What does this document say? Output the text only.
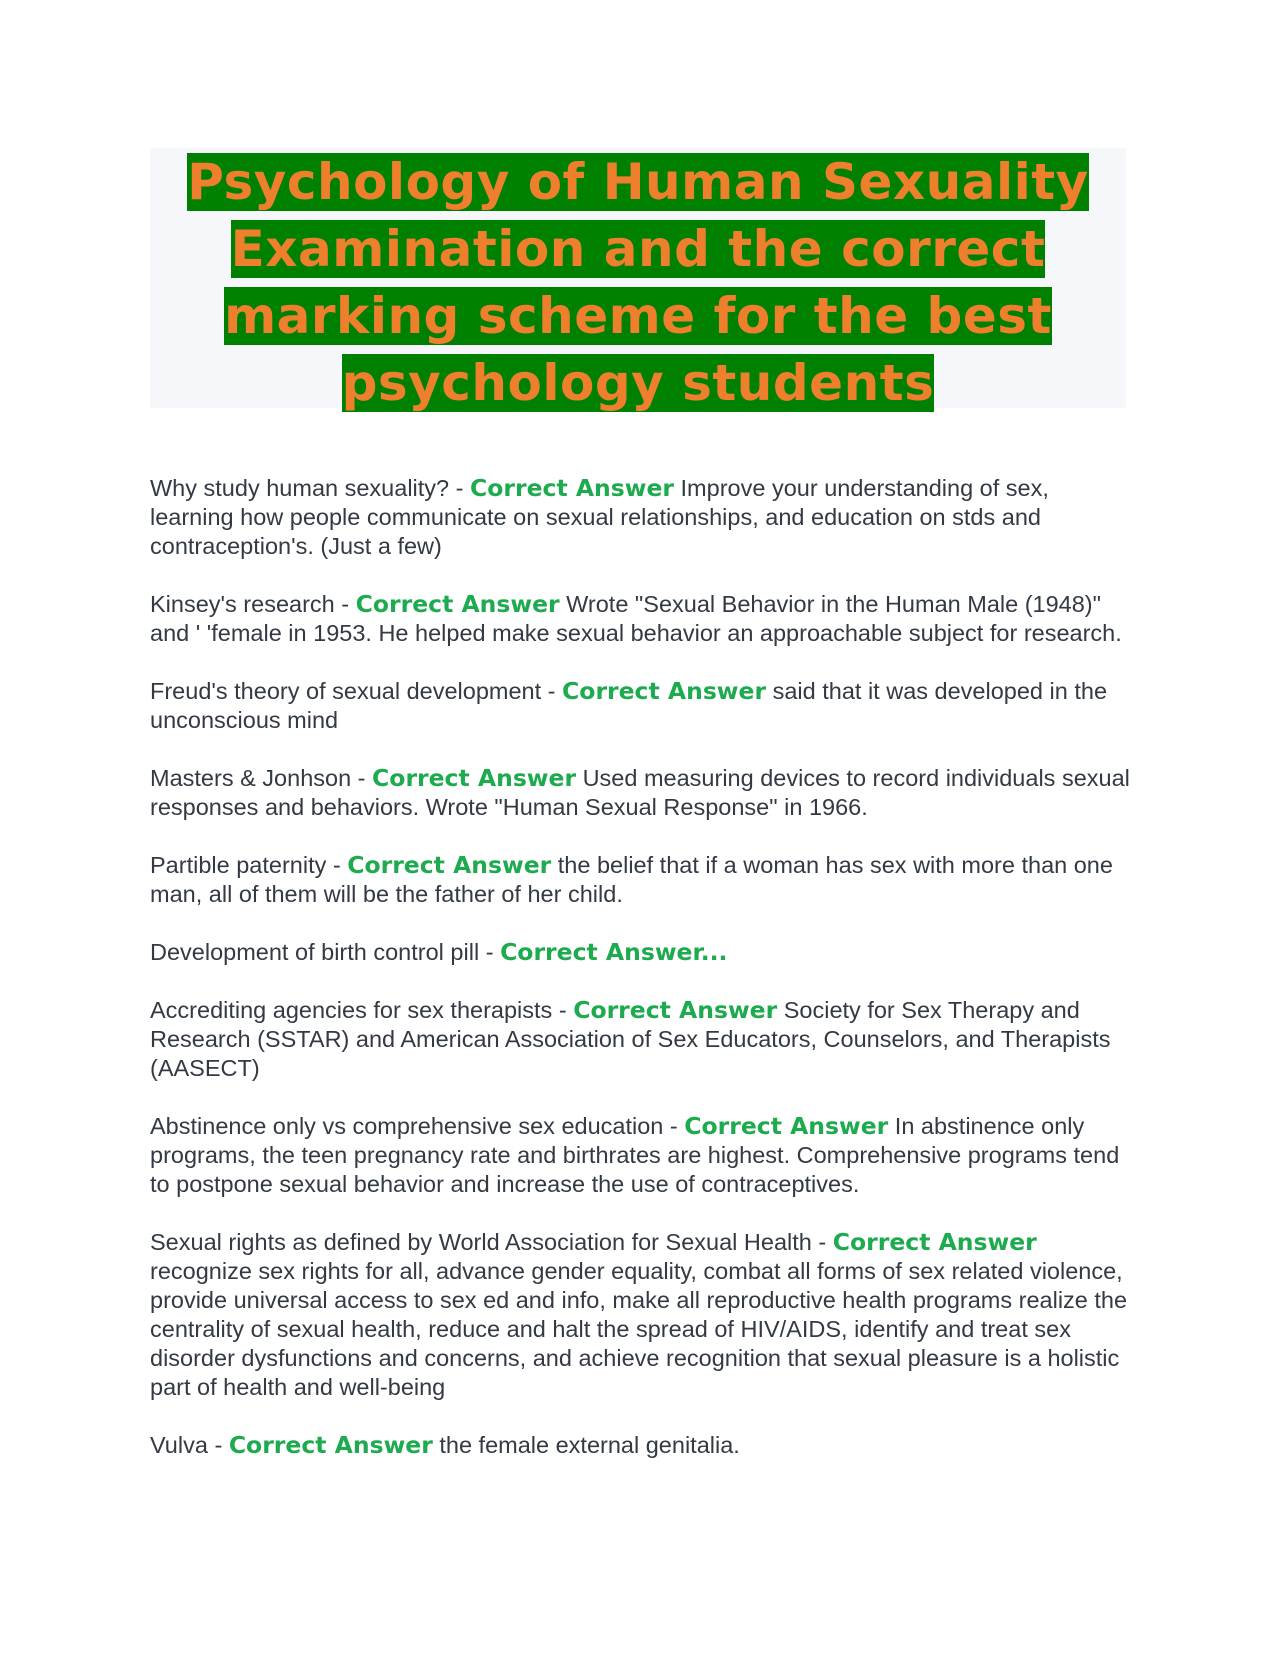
Psychology of Human Sexuality Examination and the correct marking scheme for the best psychology students

Why study human sexuality? - Correct Answer Improve your understanding of sex, learning how people communicate on sexual relationships, and education on stds and contraception's. (Just a few)

Kinsey's research - Correct Answer Wrote "Sexual Behavior in the Human Male (1948)" and ' 'female in 1953. He helped make sexual behavior an approachable subject for research.

Freud's theory of sexual development - Correct Answer said that it was developed in the unconscious mind

Masters & Jonhson - Correct Answer Used measuring devices to record individuals sexual responses and behaviors. Wrote "Human Sexual Response" in 1966.

Partible paternity - Correct Answer the belief that if a woman has sex with more than one man, all of them will be the father of her child.

Development of birth control pill - Correct Answer...

Accrediting agencies for sex therapists - Correct Answer Society for Sex Therapy and Research (SSTAR) and American Association of Sex Educators, Counselors, and Therapists (AASECT)

Abstinence only vs comprehensive sex education - Correct Answer In abstinence only programs, the teen pregnancy rate and birthrates are highest. Comprehensive programs tend to postpone sexual behavior and increase the use of contraceptives.

Sexual rights as defined by World Association for Sexual Health - Correct Answer recognize sex rights for all, advance gender equality, combat all forms of sex related violence, provide universal access to sex ed and info, make all reproductive health programs realize the centrality of sexual health, reduce and halt the spread of HIV/AIDS, identify and treat sex disorder dysfunctions and concerns, and achieve recognition that sexual pleasure is a holistic part of health and well-being

Vulva - Correct Answer the female external genitalia.
